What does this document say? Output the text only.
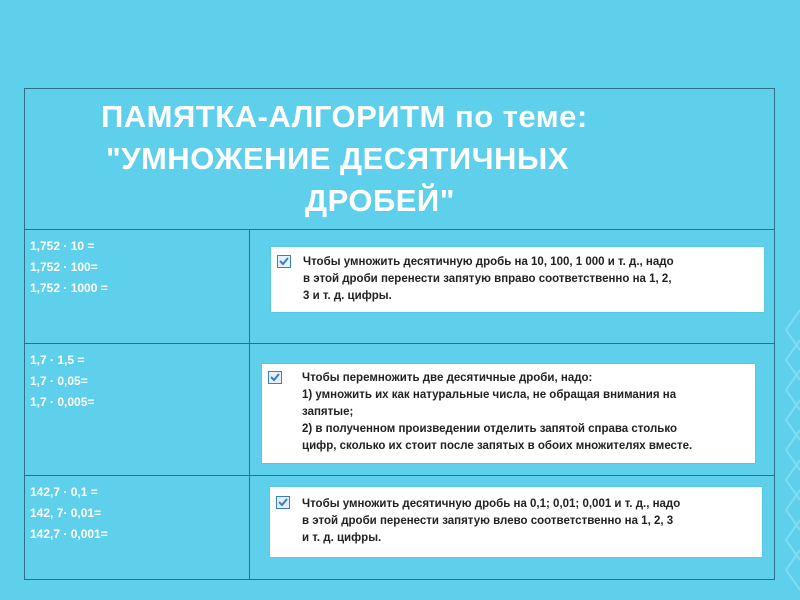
ПАМЯТКА-АЛГОРИТМ по теме:
"УМНОЖЕНИЕ ДЕСЯТИЧНЫХ
ДРОБЕЙ"
1,752 · 10 =
1,752 · 100=
1,752 · 1000 =
Чтобы умножить десятичную дробь на 10, 100, 1 000 и т. д., надо
в этой дроби перенести запятую вправо соответственно на 1, 2,
3 и т. д. цифры.
1,7 · 1,5 =
1,7 · 0,05=
1,7 · 0,005=
Чтобы перемножить две десятичные дроби, надо:
1) умножить их как натуральные числа, не обращая внимания на
запятые;
2) в полученном произведении отделить запятой справа столько
цифр, сколько их стоит после запятых в обоих множителях вместе.
142,7 · 0,1 =
142, 7· 0,01=
142,7 · 0,001=
Чтобы умножить десятичную дробь на 0,1; 0,01; 0,001 и т. д., надо
в этой дроби перенести запятую влево соответственно на 1, 2, 3
и т. д. цифры.
